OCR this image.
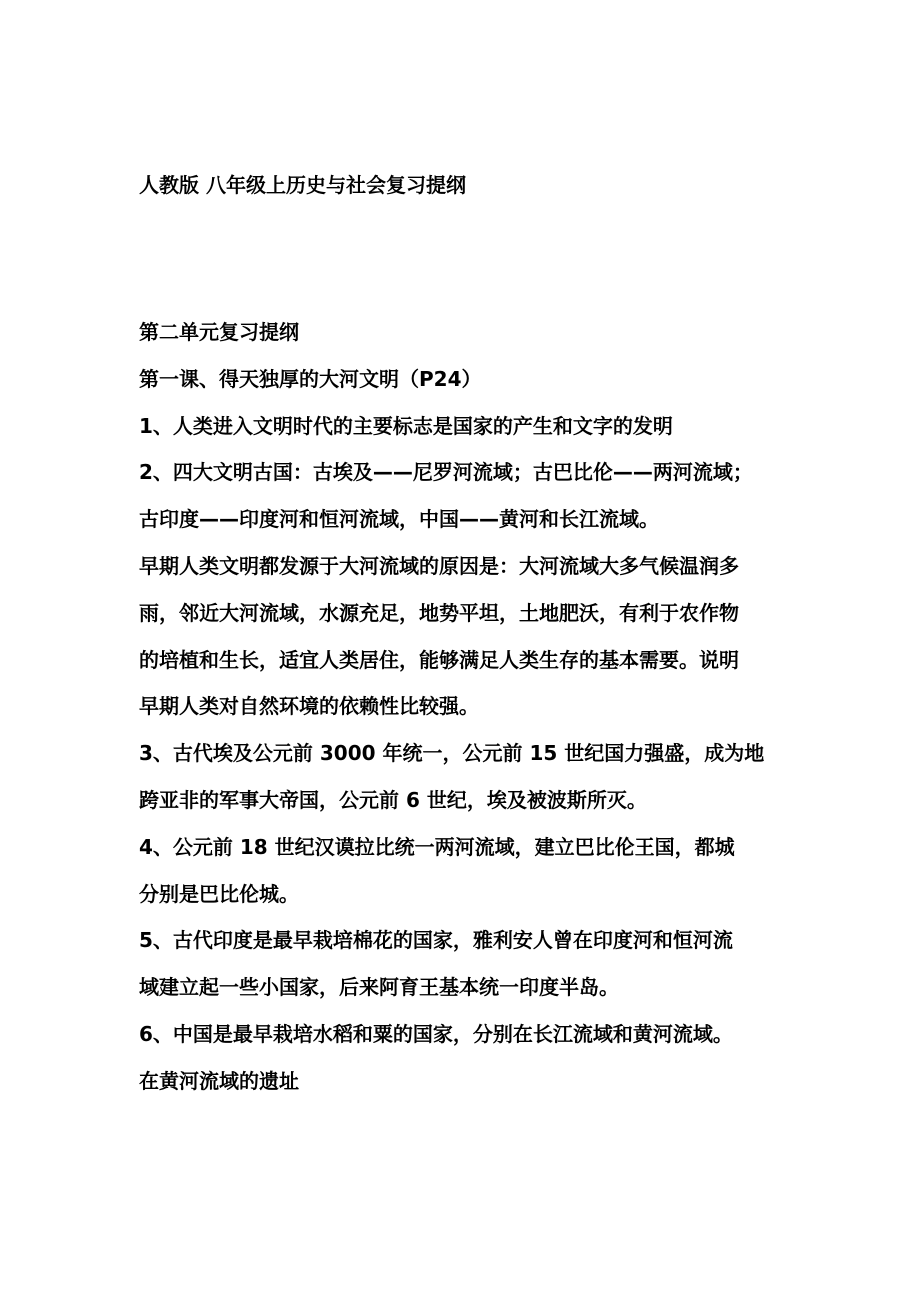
人教版 八年级上历史与社会复习提纲
第二单元复习提纲
第一课、得天独厚的大河文明（P24）
1、人类进入文明时代的主要标志是国家的产生和文字的发明
2、四大文明古国：古埃及——尼罗河流域；古巴比伦——两河流域；
古印度——印度河和恒河流域，中国——黄河和长江流域。
早期人类文明都发源于大河流域的原因是：大河流域大多气候温润多
雨，邻近大河流域，水源充足，地势平坦，土地肥沃，有利于农作物
的培植和生长，适宜人类居住，能够满足人类生存的基本需要。说明
早期人类对自然环境的依赖性比较强。
3、古代埃及公元前 3000 年统一，公元前 15 世纪国力强盛，成为地
跨亚非的军事大帝国，公元前 6 世纪，埃及被波斯所灭。
4、公元前 18 世纪汉谟拉比统一两河流域，建立巴比伦王国，都城
分别是巴比伦城。
5、古代印度是最早栽培棉花的国家，雅利安人曾在印度河和恒河流
域建立起一些小国家，后来阿育王基本统一印度半岛。
6、中国是最早栽培水稻和粟的国家，分别在长江流域和黄河流域。
在黄河流域的遗址
